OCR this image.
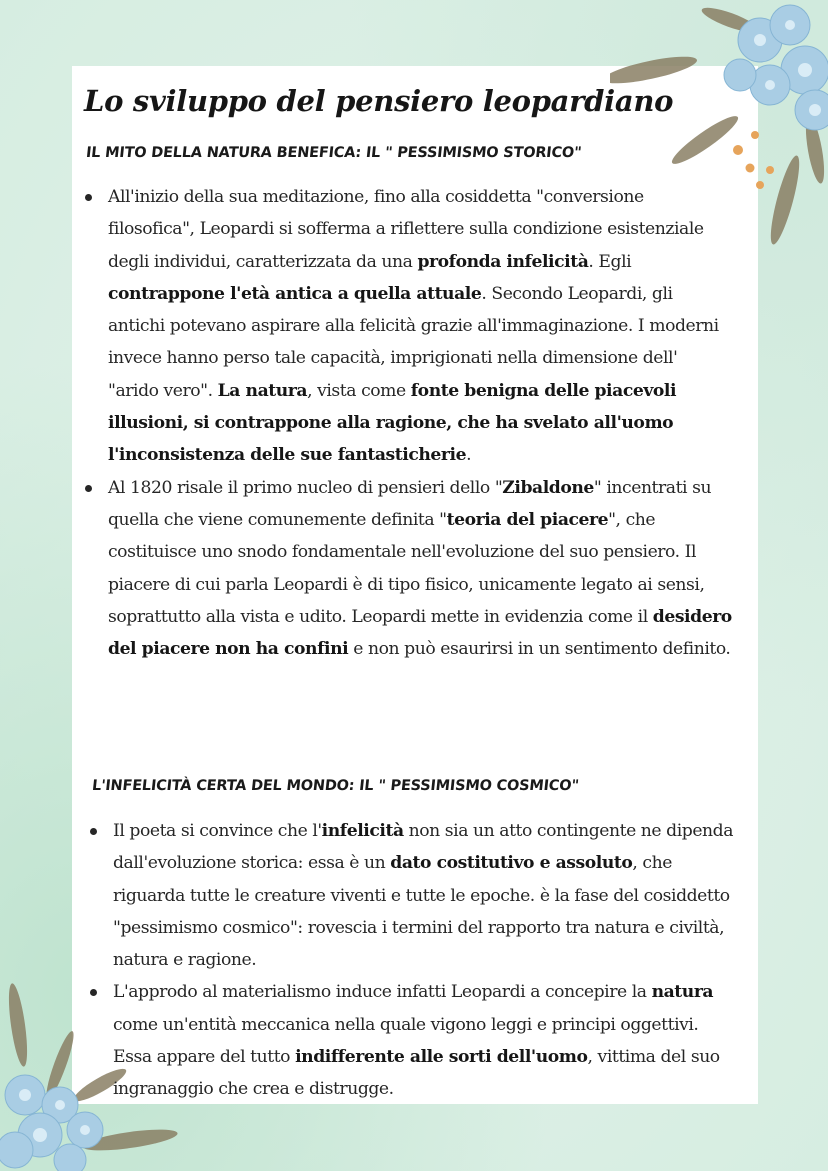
Lo sviluppo del pensiero leopardiano
IL MITO DELLA NATURA BENEFICA: IL " PESSIMISMO STORICO"
All'inizio della sua meditazione, fino alla cosiddetta "conversione filosofica", Leopardi si sofferma a riflettere sulla condizione esistenziale degli individui, caratterizzata da una profonda infelicità. Egli contrappone l'età antica a quella attuale. Secondo Leopardi, gli antichi potevano aspirare alla felicità grazie all'immaginazione. I moderni invece hanno perso tale capacità, imprigionati nella dimensione dell' "arido vero". La natura, vista come fonte benigna delle piacevoli illusioni, si contrappone alla ragione, che ha svelato all'uomo l'inconsistenza delle sue fantasticherie.
Al 1820 risale il primo nucleo di pensieri dello "Zibaldone" incentrati su quella che viene comunemente definita "teoria del piacere", che costituisce uno snodo fondamentale nell'evoluzione del suo pensiero. Il piacere di cui parla Leopardi è di tipo fisico, unicamente legato ai sensi, soprattutto alla vista e udito. Leopardi mette in evidenzia come il desidero del piacere non ha confini e non può esaurirsi in un sentimento definito.
L'INFELICITÀ CERTA DEL MONDO: IL " PESSIMISMO COSMICO"
Il poeta si convince che l'infelicità non sia un atto contingente ne dipenda dall'evoluzione storica: essa è un dato costitutivo e assoluto, che riguarda tutte le creature viventi e tutte le epoche. è la fase del cosiddetto "pessimismo cosmico": rovescia i termini del rapporto tra natura e civiltà, natura e ragione.
L'approdo al materialismo induce infatti Leopardi a concepire la natura come un'entità meccanica nella quale vigono leggi e principi oggettivi. Essa appare del tutto indifferente alle sorti dell'uomo, vittima del suo ingranaggio che crea e distrugge.
